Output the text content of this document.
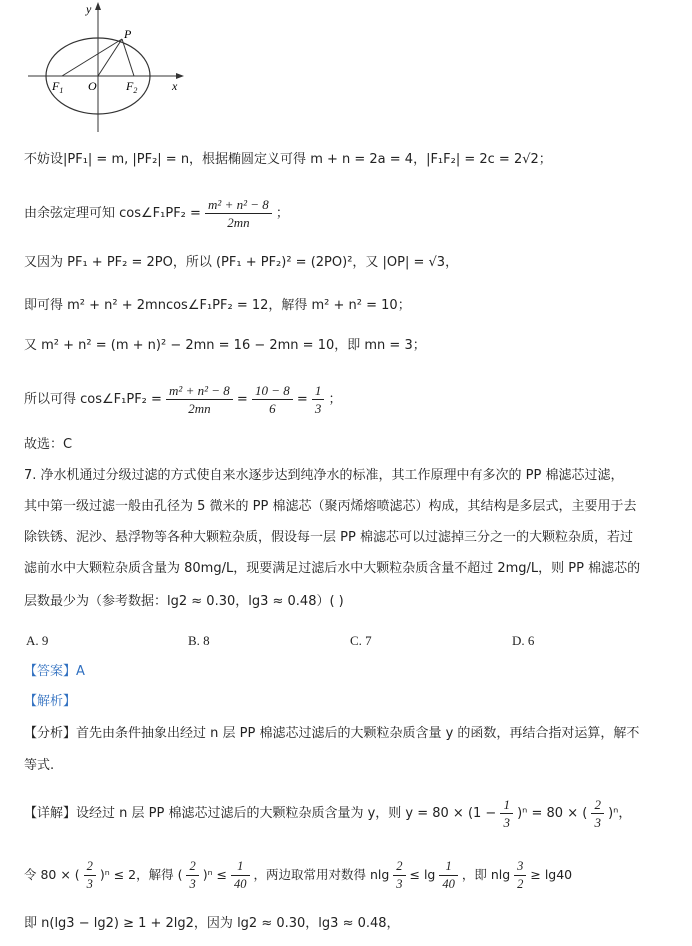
y
x
P
O
$F_1$	$F_2$
不妨设|PF₁| = m, |PF₂| = n，根据椭圆定义可得 m + n = 2a = 4，|F₁F₂| = 2c = 2√2；
由余弦定理可知 cos∠F₁PF₂ = $\frac{\text{m² + n² − 8}}{2mn}$ ；
又因为 PF₁ + PF₂ = 2PO，所以 (PF₁ + PF₂)² = (2PO)²，又 |OP| = √3，
即可得 m² + n² + 2mncos∠F₁PF₂ = 12，解得 m² + n² = 10；
又 m² + n² = (m + n)² − 2mn = 16 − 2mn = 10，即 mn = 3；
所以可得 cos∠F₁PF₂ = $\frac{\text{m² + n² − 8}}{2mn} = \frac{10 - 8}{6} = \frac{1}{3}$ ；
故选：C
7. 净水机通过分级过滤的方式使自来水逐步达到纯净水的标准，其工作原理中有多次的 PP 棉滤芯过滤，
其中第一级过滤一般由孔径为 5 微米的 PP 棉滤芯（聚丙烯熔喷滤芯）构成，其结构是多层式，主要用于去
除铁锈、泥沙、悬浮物等各种大颗粒杂质，假设每一层 PP 棉滤芯可以过滤掉三分之一的大颗粒杂质，若过
滤前水中大颗粒杂质含量为 80mg/L，现要满足过滤后水中大颗粒杂质含量不超过 2mg/L，则 PP 棉滤芯的
层数最少为（参考数据：lg2 ≈ 0.30，lg3 ≈ 0.48）( )
A. 9	B. 8	C. 7	D. 6
【答案】A
【解析】
【分析】首先由条件抽象出经过 n 层 PP 棉滤芯过滤后的大颗粒杂质含量 y 的函数，再结合指对运算，解不
等式.
【详解】设经过 n 层 PP 棉滤芯过滤后的大颗粒杂质含量为 y，则 $y = 80 \times (1 - \frac{1}{3} )^n = 80$ × ( $\frac{2}{3} )^n$，
令 80 × ( $\frac{2}{3} )^n \le 2$，解得 ( $\frac{2}{3} )^n \le \frac{1}{40}$ ，两边取常用对数得 nlg $\frac{2}{3} \le \lg \frac{1}{40}$ ，即 nlg $\frac{3}{2} \ge \lg 40$
即 n(lg3 − lg2) ≥ 1 + 2lg2，因为 lg2 ≈ 0.30，lg3 ≈ 0.48，
